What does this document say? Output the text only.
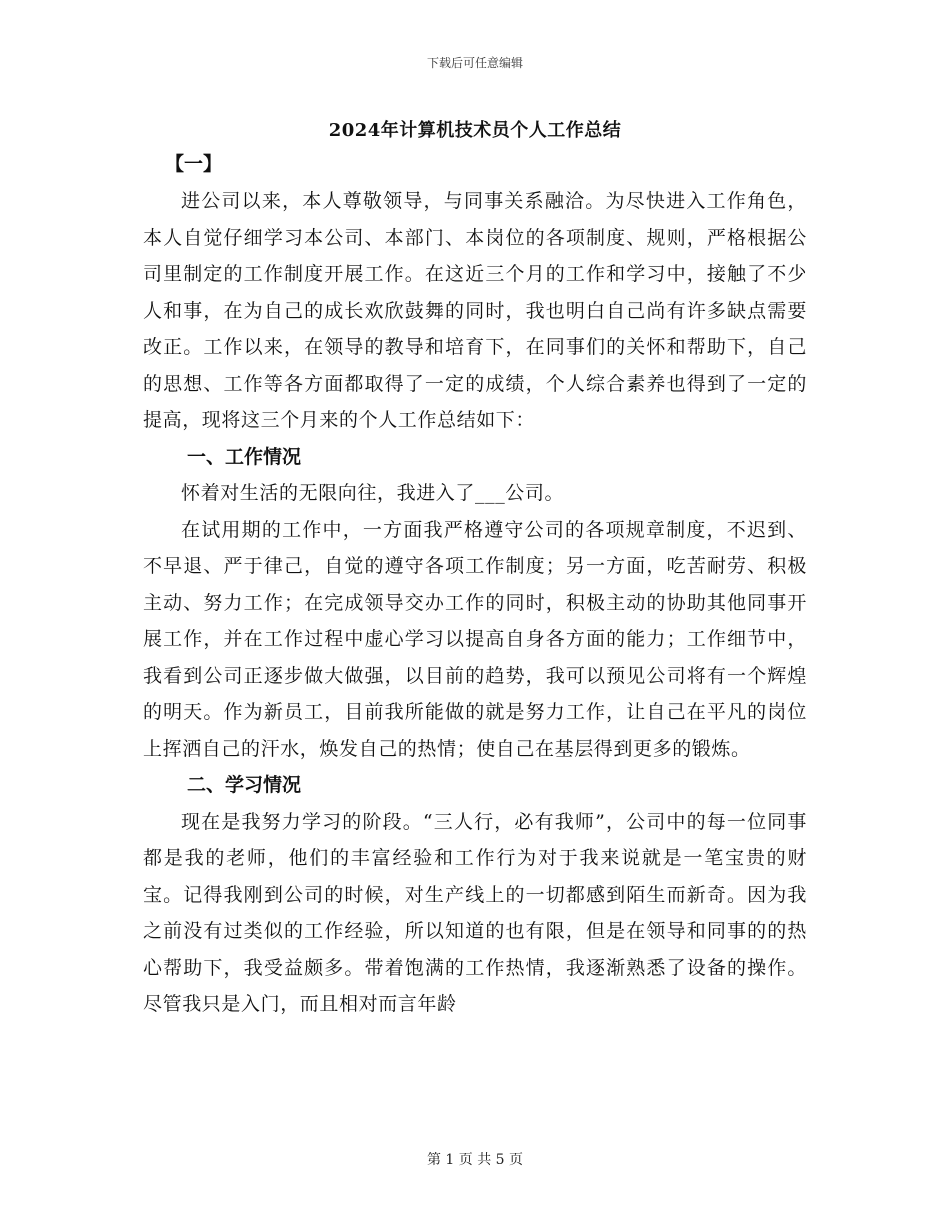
下载后可任意编辑
2024年计算机技术员个人工作总结
【一】

进公司以来，本人尊敬领导，与同事关系融洽。为尽快进入工作角色，本人自觉仔细学习本公司、本部门、本岗位的各项制度、规则，严格根据公司里制定的工作制度开展工作。在这近三个月的工作和学习中，接触了不少人和事，在为自己的成长欢欣鼓舞的同时，我也明白自己尚有许多缺点需要改正。工作以来，在领导的教导和培育下，在同事们的关怀和帮助下，自己的思想、工作等各方面都取得了一定的成绩，个人综合素养也得到了一定的提高，现将这三个月来的个人工作总结如下：

一、工作情况

怀着对生活的无限向往，我进入了___公司。

在试用期的工作中，一方面我严格遵守公司的各项规章制度，不迟到、不早退、严于律己，自觉的遵守各项工作制度；另一方面，吃苦耐劳、积极主动、努力工作；在完成领导交办工作的同时，积极主动的协助其他同事开展工作，并在工作过程中虚心学习以提高自身各方面的能力；工作细节中，我看到公司正逐步做大做强，以目前的趋势，我可以预见公司将有一个辉煌的明天。作为新员工，目前我所能做的就是努力工作，让自己在平凡的岗位上挥洒自己的汗水，焕发自己的热情；使自己在基层得到更多的锻炼。

二、学习情况

现在是我努力学习的阶段。“三人行，必有我师”，公司中的每一位同事都是我的老师，他们的丰富经验和工作行为对于我来说就是一笔宝贵的财宝。记得我刚到公司的时候，对生产线上的一切都感到陌生而新奇。因为我之前没有过类似的工作经验，所以知道的也有限，但是在领导和同事的的热心帮助下，我受益颇多。带着饱满的工作热情，我逐渐熟悉了设备的操作。尽管我只是入门，而且相对而言年龄

第 1 页 共 5 页
